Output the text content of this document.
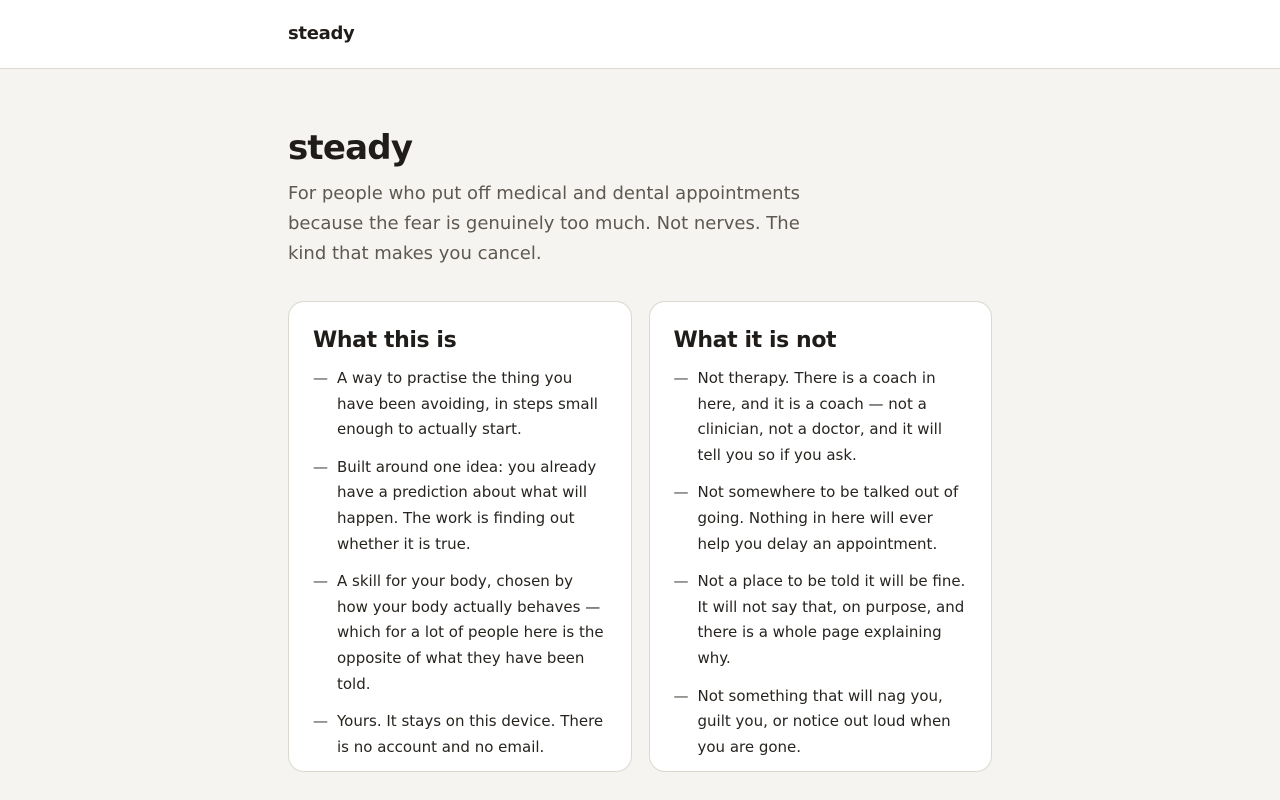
steady
steady

For people who put off medical and dental appointments because the fear is genuinely too much. Not nerves. The kind that makes you cancel.

What this is
— A way to practise the thing you have been avoiding, in steps small enough to actually start.
— Built around one idea: you already have a prediction about what will happen. The work is finding out whether it is true.
— A skill for your body, chosen by how your body actually behaves — which for a lot of people here is the opposite of what they have been told.
— Yours. It stays on this device. There is no account and no email.
What it is not
— Not therapy. There is a coach in here, and it is a coach — not a clinician, not a doctor, and it will tell you so if you ask.
— Not somewhere to be talked out of going. Nothing in here will ever help you delay an appointment.
— Not a place to be told it will be fine. It will not say that, on purpose, and there is a whole page explaining why.
— Not something that will nag you, guilt you, or notice out loud when you are gone.
